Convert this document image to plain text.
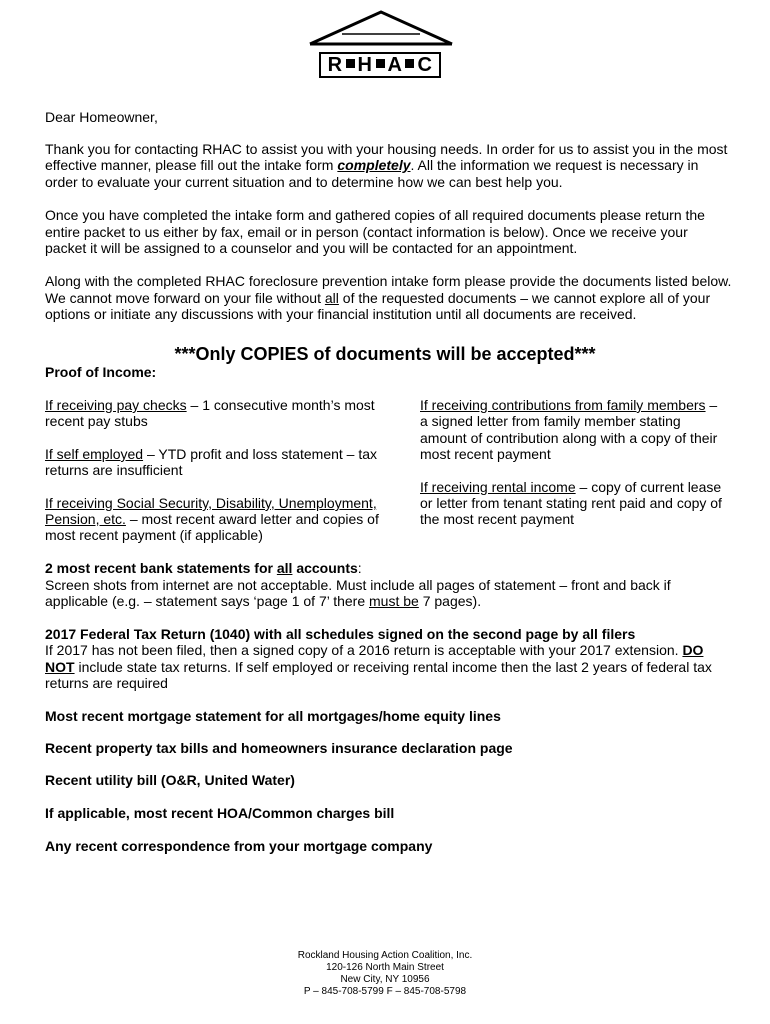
R H A C
Dear Homeowner,
Thank you for contacting RHAC to assist you with your housing needs. In order for us to assist you in the most
effective manner, please fill out the intake form completely. All the information we request is necessary in
order to evaluate your current situation and to determine how we can best help you.
Once you have completed the intake form and gathered copies of all required documents please return the
entire packet to us either by fax, email or in person (contact information is below). Once we receive your
packet it will be assigned to a counselor and you will be contacted for an appointment.
Along with the completed RHAC foreclosure prevention intake form please provide the documents listed below.
We cannot move forward on your file without all of the requested documents – we cannot explore all of your
options or initiate any discussions with your financial institution until all documents are received.
***Only COPIES of documents will be accepted***
Proof of Income:
If receiving pay checks – 1 consecutive month’s most
recent pay stubs
If self employed – YTD profit and loss statement – tax
returns are insufficient
If receiving Social Security, Disability, Unemployment,
Pension, etc. – most recent award letter and copies of
most recent payment (if applicable)
If receiving contributions from family members –
a signed letter from family member stating
amount of contribution along with a copy of their
most recent payment
If receiving rental income – copy of current lease
or letter from tenant stating rent paid and copy of
the most recent payment
2 most recent bank statements for all accounts:
Screen shots from internet are not acceptable. Must include all pages of statement – front and back if
applicable (e.g. – statement says ‘page 1 of 7’ there must be 7 pages).
2017 Federal Tax Return (1040) with all schedules signed on the second page by all filers
If 2017 has not been filed, then a signed copy of a 2016 return is acceptable with your 2017 extension. DO
NOT include state tax returns. If self employed or receiving rental income then the last 2 years of federal tax
returns are required
Most recent mortgage statement for all mortgages/home equity lines
Recent property tax bills and homeowners insurance declaration page
Recent utility bill (O&R, United Water)
If applicable, most recent HOA/Common charges bill
Any recent correspondence from your mortgage company
Rockland Housing Action Coalition, Inc.
120-126 North Main Street
New City, NY 10956
P – 845-708-5799 F – 845-708-5798
